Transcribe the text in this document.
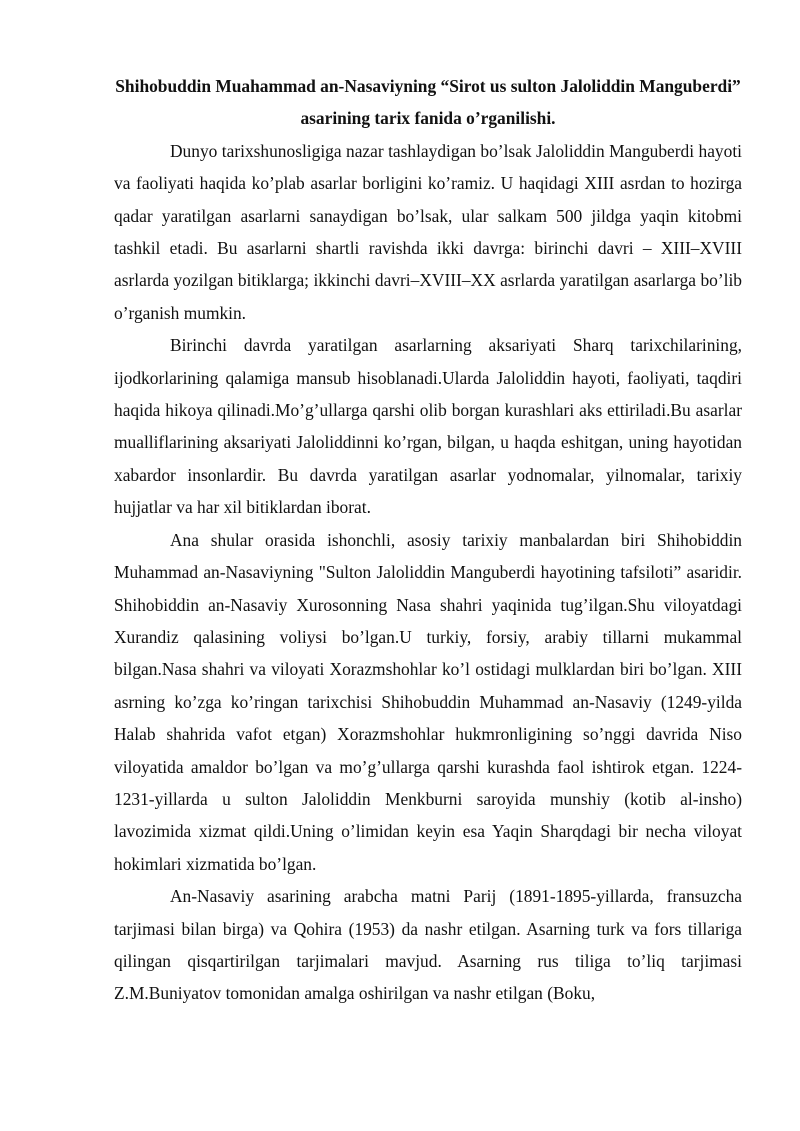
Shihobuddin Muahammad an-Nasaviyning “Sirot us sulton Jaloliddin Manguberdi” asarining tarix fanida o’rganilishi.

Dunyo tarixshunosligiga nazar tashlaydigan bo’lsak Jaloliddin Manguberdi hayoti va faoliyati haqida ko’plab asarlar borligini ko’ramiz. U haqidagi XIII asrdan to hozirga qadar yaratilgan asarlarni sanaydigan bo’lsak, ular salkam 500 jildga yaqin kitobmi tashkil etadi. Bu asarlarni shartli ravishda ikki davrga: birinchi davri – XIII–XVIII asrlarda yozilgan bitiklarga; ikkinchi davri–XVIII–XX asrlarda yaratilgan asarlarga bo’lib o’rganish mumkin.

Birinchi davrda yaratilgan asarlarning aksariyati Sharq tarixchilarining, ijodkorlarining qalamiga mansub hisoblanadi.Ularda Jaloliddin hayoti, faoliyati, taqdiri haqida hikoya qilinadi.Mo’g’ullarga qarshi olib borgan kurashlari aks ettiriladi.Bu asarlar mualliflarining aksariyati Jaloliddinni ko’rgan, bilgan, u haqda eshitgan, uning hayotidan xabardor insonlardir. Bu davrda yaratilgan asarlar yodnomalar, yilnomalar, tarixiy hujjatlar va har xil bitiklardan iborat.

Ana shular orasida ishonchli, asosiy tarixiy manbalardan biri Shihobiddin Muhammad an-Nasaviyning "Sulton Jaloliddin Manguberdi hayotining tafsiloti” asaridir. Shihobiddin an-Nasaviy Xurosonning Nasa shahri yaqinida tug’ilgan.Shu viloyatdagi Xurandiz qalasining voliysi bo’lgan.U turkiy, forsiy, arabiy tillarni mukammal bilgan.Nasa shahri va viloyati Xorazmshohlar ko’l ostidagi mulklardan biri bo’lgan. XIII asrning ko’zga ko’ringan tarixchisi Shihobuddin Muhammad an-Nasaviy (1249-yilda Halab shahrida vafot etgan) Xorazmshohlar hukmronligining so’nggi davrida Niso viloyatida amaldor bo’lgan va mo’g’ullarga qarshi kurashda faol ishtirok etgan. 1224-1231-yillarda u sulton Jaloliddin Menkburni saroyida munshiy (kotib al-insho) lavozimida xizmat qildi.Uning o’limidan keyin esa Yaqin Sharqdagi bir necha viloyat hokimlari xizmatida bo’lgan.

An-Nasaviy asarining arabcha matni Parij (1891-1895-yillarda, fransuzcha tarjimasi bilan birga) va Qohira (1953) da nashr etilgan. Asarning turk va fors tillariga qilingan qisqartirilgan tarjimalari mavjud. Asarning rus tiliga to’liq tarjimasi Z.M.Buniyatov tomonidan amalga oshirilgan va nashr etilgan (Boku,
